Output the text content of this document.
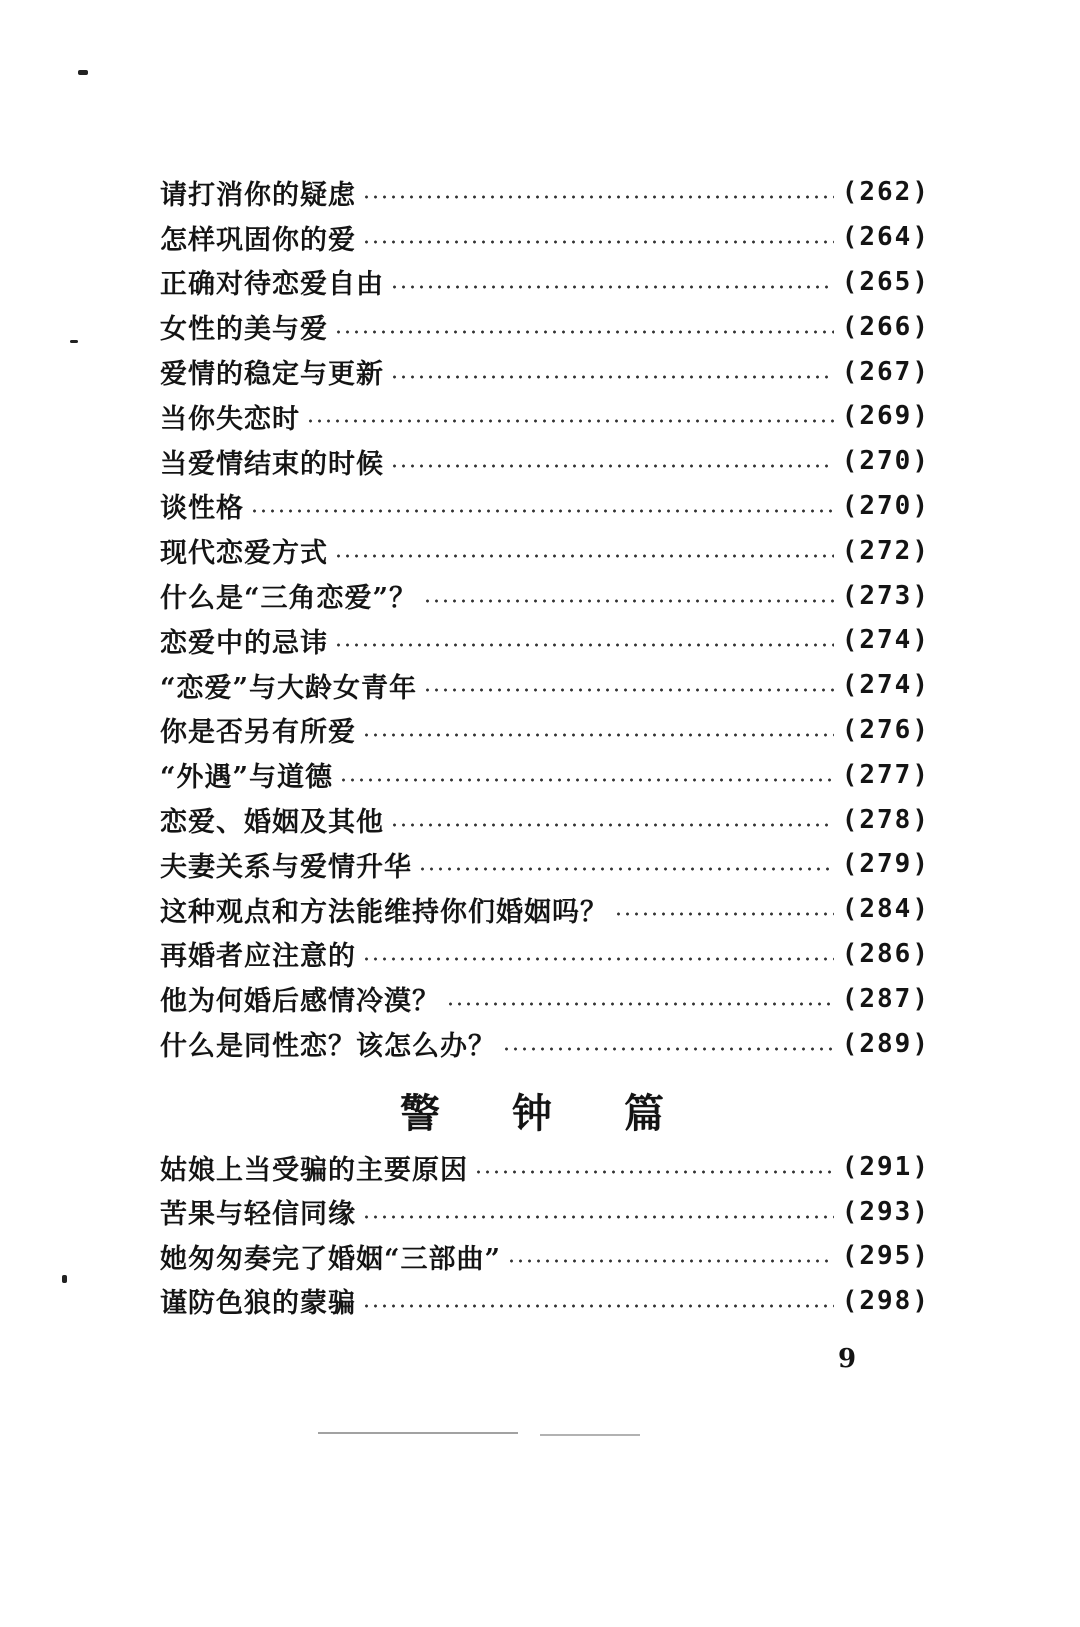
请打消你的疑虑	(262)
怎样巩固你的爱	(264)
正确对待恋爱自由	(265)
女性的美与爱	(266)
爱情的稳定与更新	(267)
当你失恋时	(269)
当爱情结束的时候	(270)
谈性格	(270)
现代恋爱方式	(272)
什么是“三角恋爱”？	(273)
恋爱中的忌讳	(274)
“恋爱”与大龄女青年	(274)
你是否另有所爱	(276)
“外遇”与道德	(277)
恋爱、婚姻及其他	(278)
夫妻关系与爱情升华	(279)
这种观点和方法能维持你们婚姻吗？	(284)
再婚者应注意的	(286)
他为何婚后感情冷漠？	(287)
什么是同性恋？该怎么办？	(289)
警钟篇
姑娘上当受骗的主要原因	(291)
苦果与轻信同缘	(293)
她匆匆奏完了婚姻“三部曲”	(295)
谨防色狼的蒙骗	(298)
9
